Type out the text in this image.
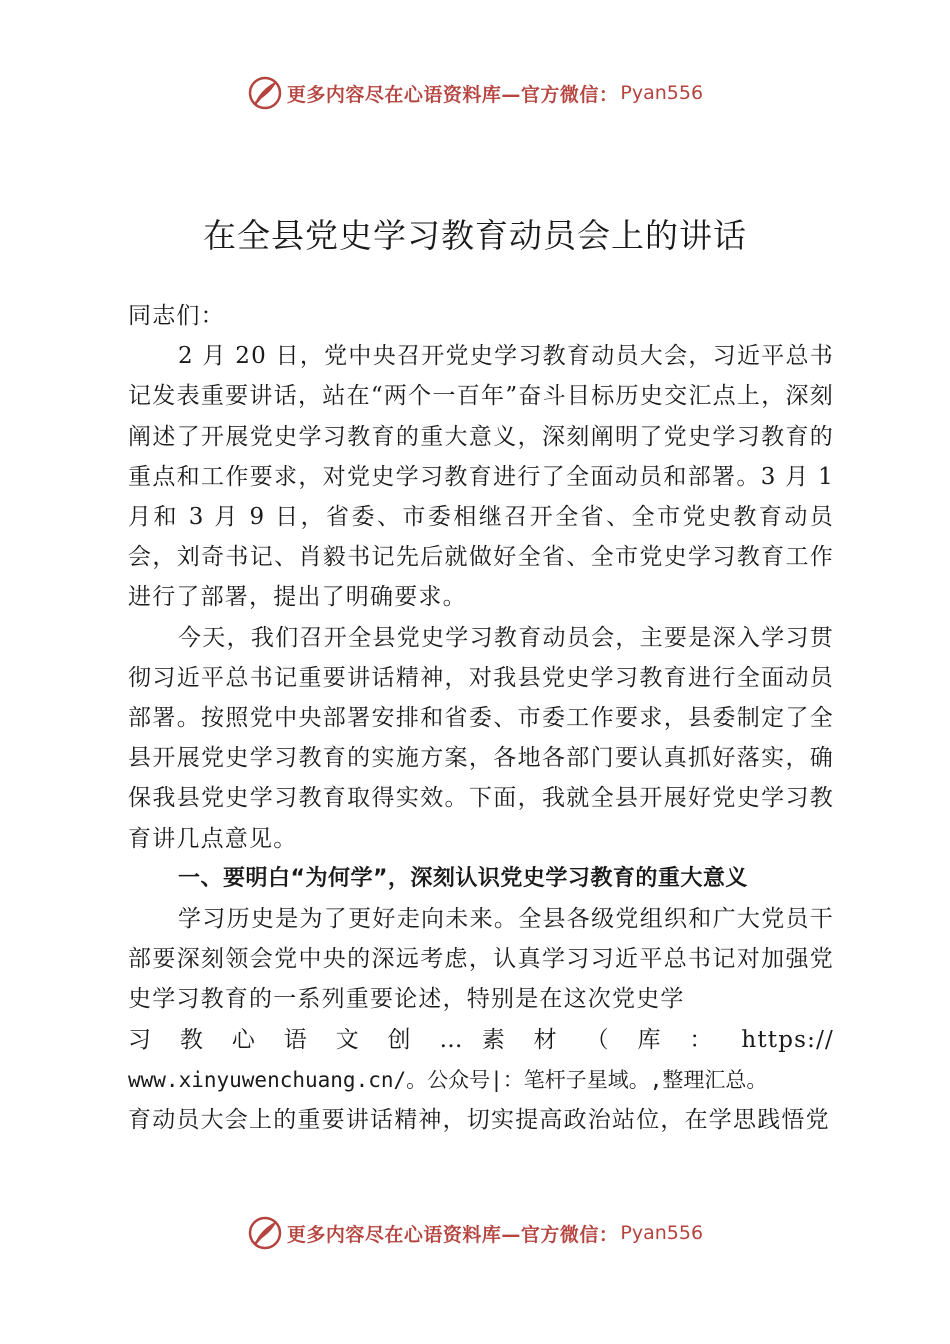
更多内容尽在心语资料库—官方微信： Pyan556
在全县党史学习教育动员会上的讲话

同志们：

2 月 20 日，党中央召开党史学习教育动员大会，习近平总书记发表重要讲话，站在“两个一百年”奋斗目标历史交汇点上，深刻阐述了开展党史学习教育的重大意义，深刻阐明了党史学习教育的重点和工作要求，对党史学习教育进行了全面动员和部署。3 月 1 月和 3 月 9 日，省委、市委相继召开全省、全市党史教育动员会，刘奇书记、肖毅书记先后就做好全省、全市党史学习教育工作进行了部署，提出了明确要求。

今天，我们召开全县党史学习教育动员会，主要是深入学习贯彻习近平总书记重要讲话精神，对我县党史学习教育进行全面动员部署。按照党中央部署安排和省委、市委工作要求，县委制定了全县开展党史学习教育的实施方案，各地各部门要认真抓好落实，确保我县党史学习教育取得实效。下面，我就全县开展好党史学习教育讲几点意见。

一、要明白“为何学”，深刻认识党史学习教育的重大意义

学习历史是为了更好走向未来。全县各级党组织和广大党员干部要深刻领会党中央的深远考虑，认真学习习近平总书记对加强党史学习教育的一系列重要论述，特别是在这次党史学

习 教 心 语 文 创 … 素 材 （ 库 ： https://

www.xinyuwenchuang.cn/。公众号|：笔杆子星域。,整理汇总。

育动员大会上的重要讲话精神，切实提高政治站位，在学思践悟党

更多内容尽在心语资料库—官方微信： Pyan556
